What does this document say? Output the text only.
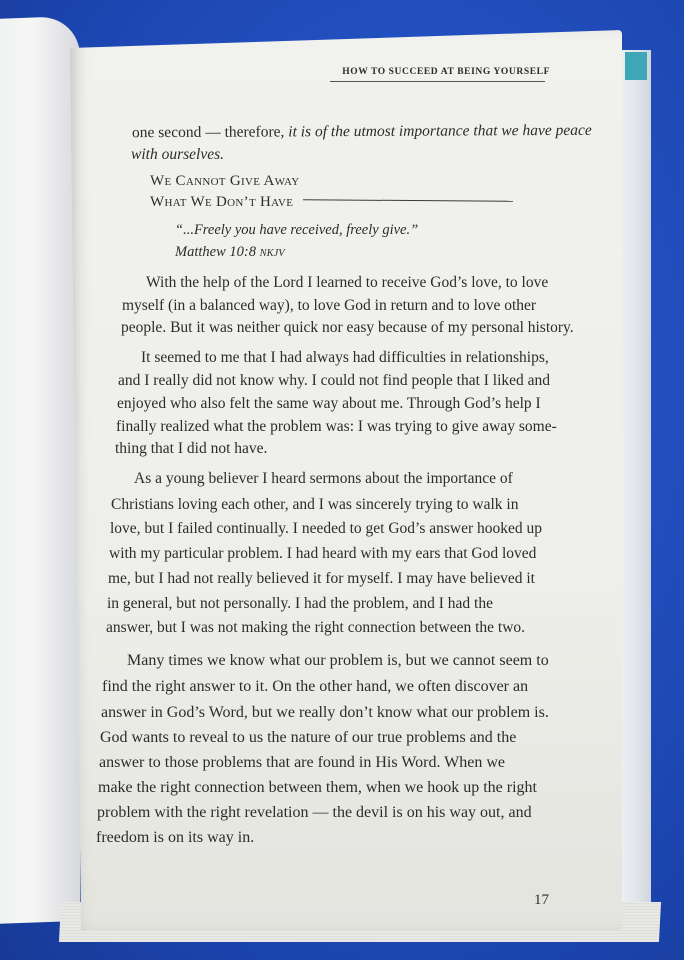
HOW TO SUCCEED AT BEING YOURSELF
one second — therefore, it is of the utmost importance that we have peace
with ourselves.
We Cannot Give Away
What We Don’t Have
“...Freely you have received, freely give.”
Matthew 10:8 NKJV
With the help of the Lord I learned to receive God’s love, to love
myself (in a balanced way), to love God in return and to love other
people. But it was neither quick nor easy because of my personal history.
It seemed to me that I had always had difficulties in relationships,
and I really did not know why. I could not find people that I liked and
enjoyed who also felt the same way about me. Through God’s help I
finally realized what the problem was: I was trying to give away some-
thing that I did not have.
As a young believer I heard sermons about the importance of
Christians loving each other, and I was sincerely trying to walk in
love, but I failed continually. I needed to get God’s answer hooked up
with my particular problem. I had heard with my ears that God loved
me, but I had not really believed it for myself. I may have believed it
in general, but not personally. I had the problem, and I had the
answer, but I was not making the right connection between the two.
Many times we know what our problem is, but we cannot seem to
find the right answer to it. On the other hand, we often discover an
answer in God’s Word, but we really don’t know what our problem is.
God wants to reveal to us the nature of our true problems and the
answer to those problems that are found in His Word. When we
make the right connection between them, when we hook up the right
problem with the right revelation — the devil is on his way out, and
freedom is on its way in.
17
